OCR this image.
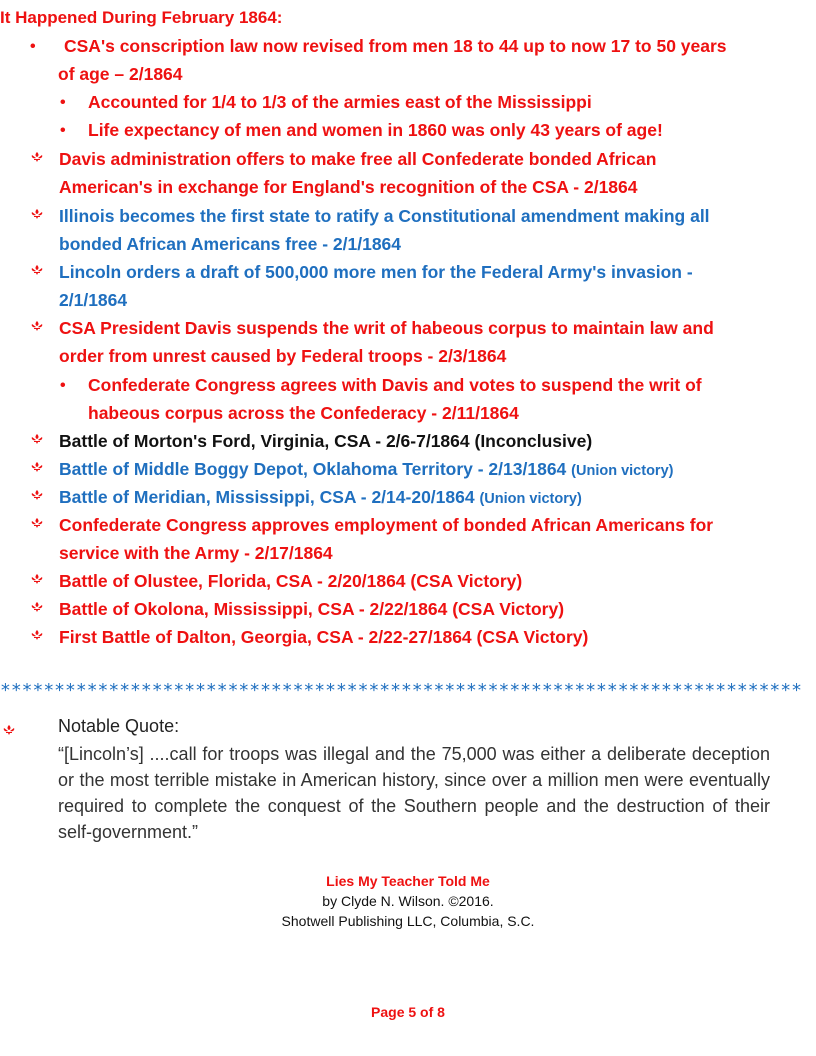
It Happened During February 1864:
• CSA's conscription law now revised from men 18 to 44 up to now 17 to 50 years
of age – 2/1864
• Accounted for 1/4 to 1/3 of the armies east of the Mississippi
• Life expectancy of men and women in 1860 was only 43 years of age!
Davis administration offers to make free all Confederate bonded African
American's in exchange for England's recognition of the CSA - 2/1864
Illinois becomes the first state to ratify a Constitutional amendment making all
bonded African Americans free - 2/1/1864
Lincoln orders a draft of 500,000 more men for the Federal Army's invasion -
2/1/1864
CSA President Davis suspends the writ of habeous corpus to maintain law and
order from unrest caused by Federal troops - 2/3/1864
• Confederate Congress agrees with Davis and votes to suspend the writ of
habeous corpus across the Confederacy - 2/11/1864
Battle of Morton's Ford, Virginia, CSA - 2/6-7/1864 (Inconclusive)
Battle of Middle Boggy Depot, Oklahoma Territory - 2/13/1864 (Union victory)
Battle of Meridian, Mississippi, CSA - 2/14-20/1864 (Union victory)
Confederate Congress approves employment of bonded African Americans for
service with the Army - 2/17/1864
Battle of Olustee, Florida, CSA - 2/20/1864 (CSA Victory)
Battle of Okolona, Mississippi, CSA - 2/22/1864 (CSA Victory)
First Battle of Dalton, Georgia, CSA - 2/22-27/1864 (CSA Victory)
**************************************************************************
Notable Quote:
“[Lincoln’s] ....call for troops was illegal and the 75,000 was either a deliberate deception or the most terrible mistake in American history, since over a million men were eventually required to complete the conquest of the Southern people and the destruction of their self-government.”
Lies My Teacher Told Me
by Clyde N. Wilson. ©2016.
Shotwell Publishing LLC, Columbia, S.C.
Page 5 of 8
